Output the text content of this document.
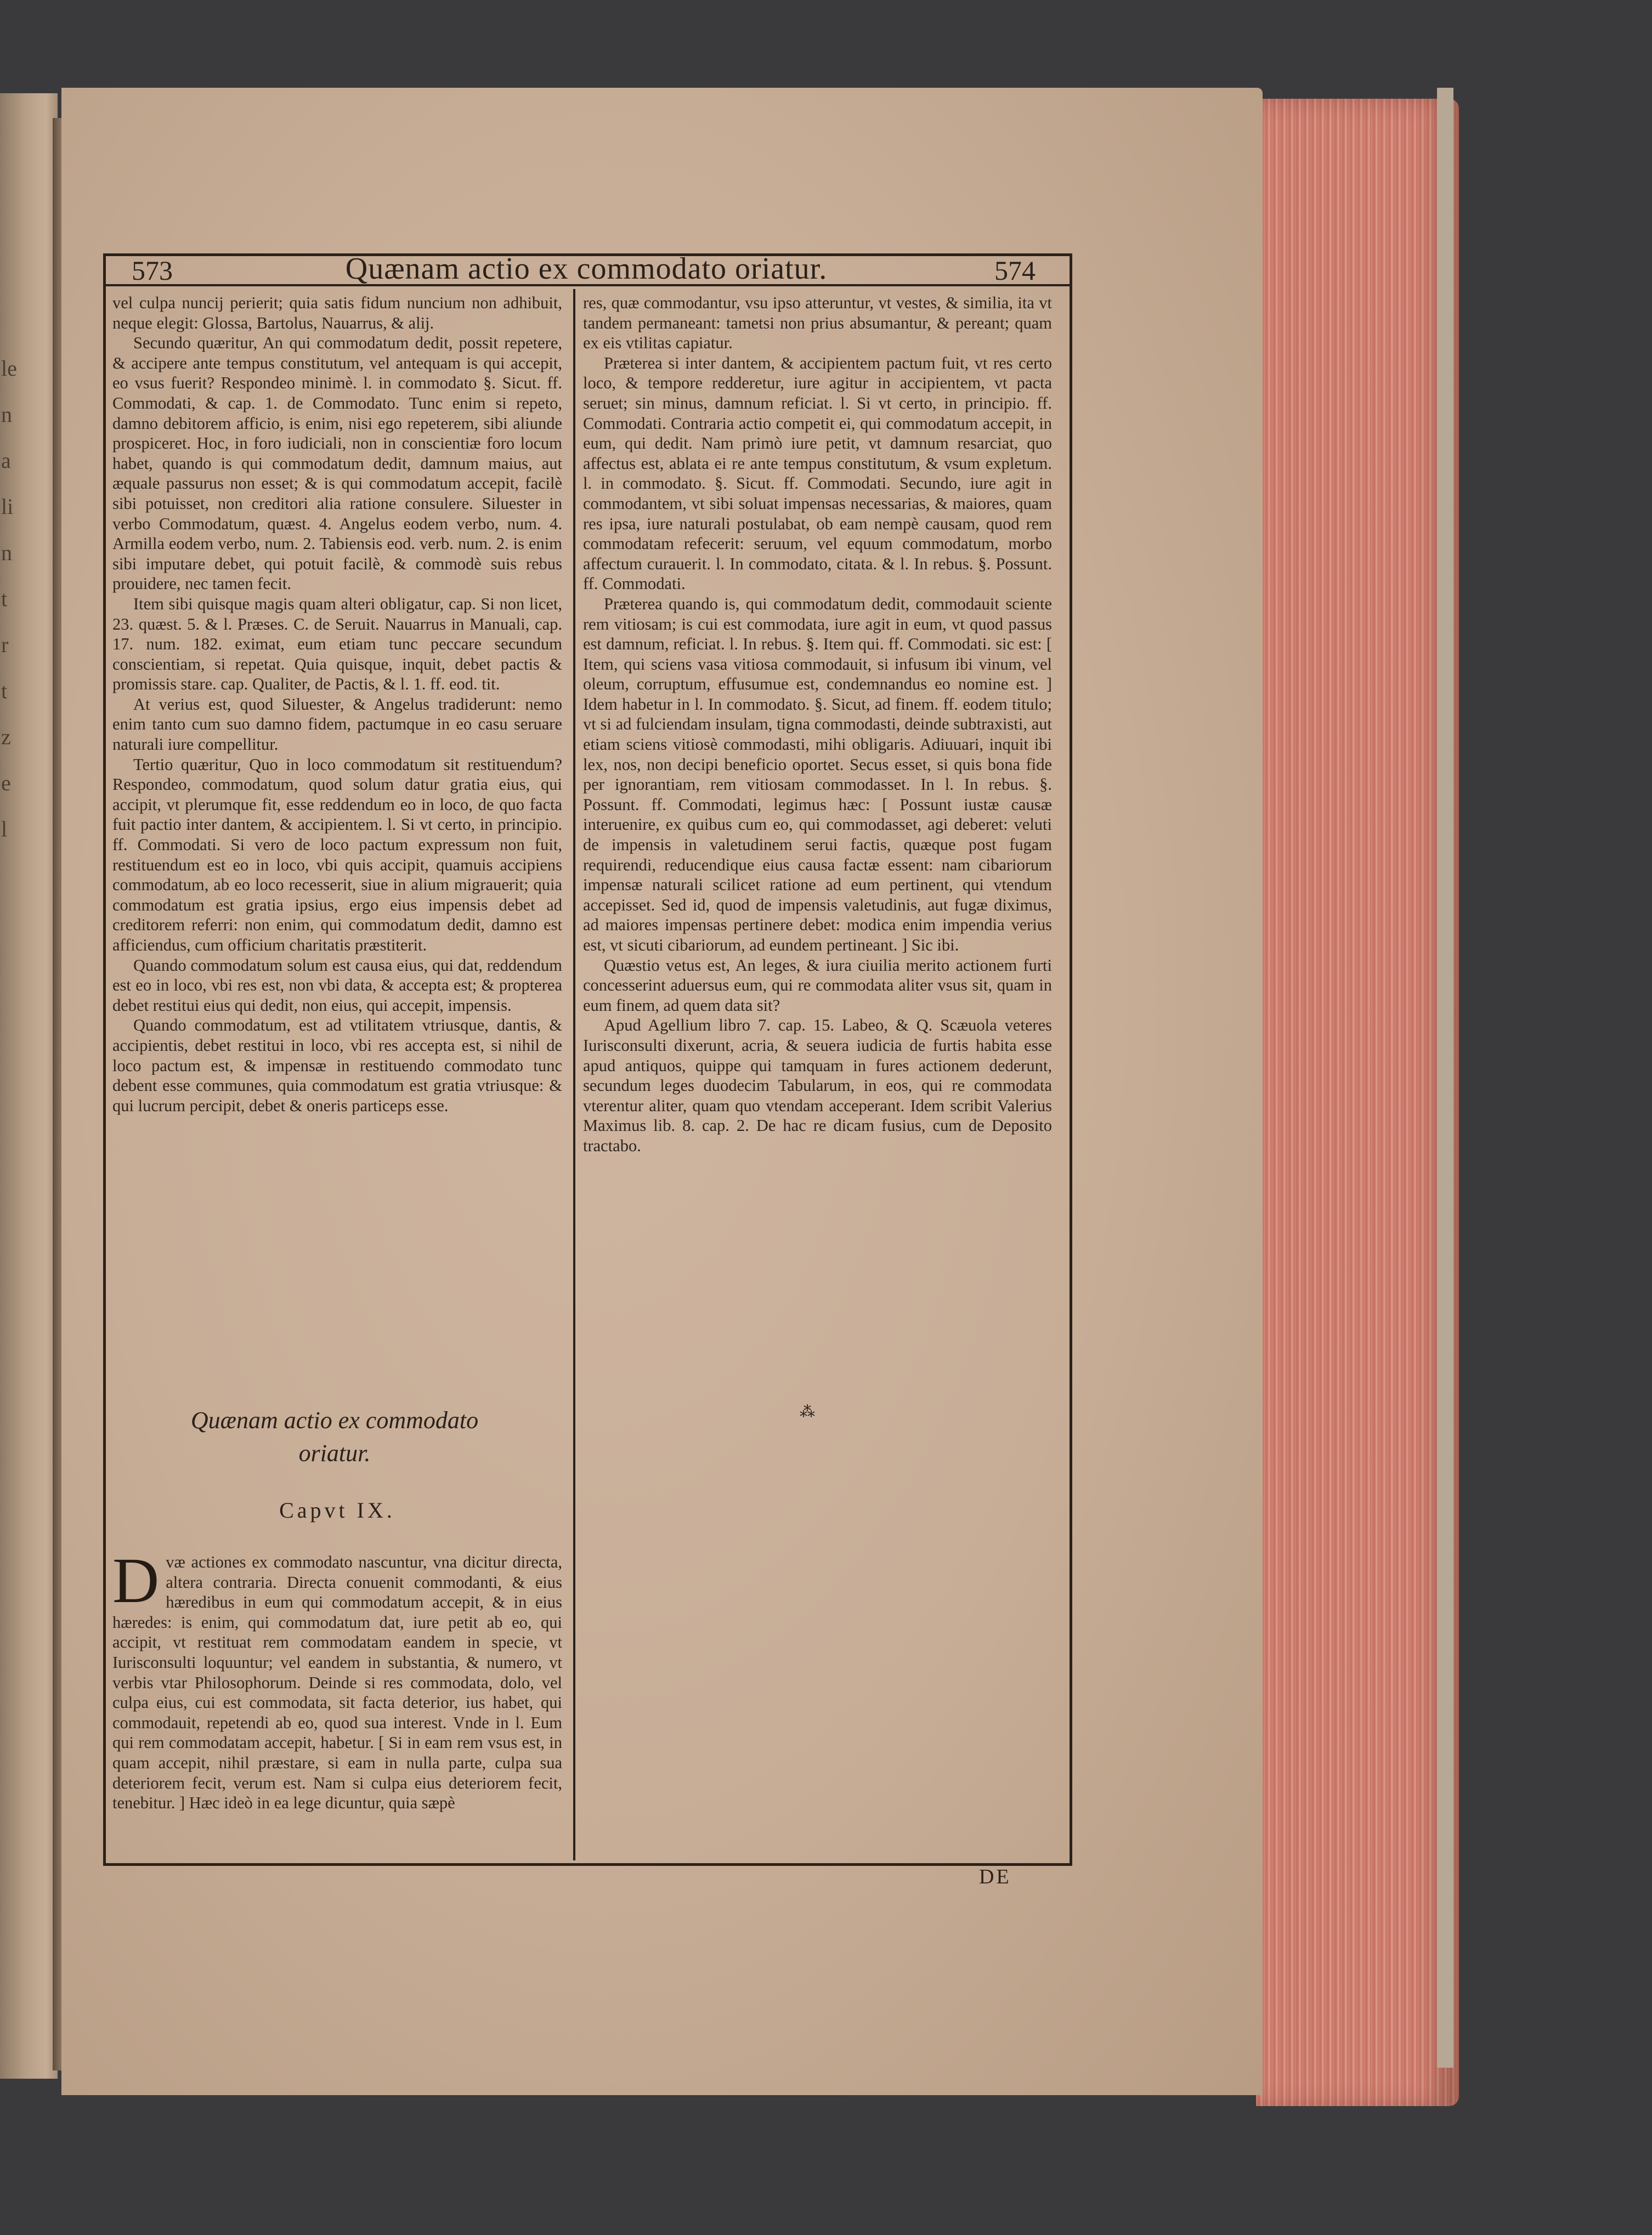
le
n
a
li
n
t
r
t
z
e
l
573	Quænam actio ex commodato oriatur.	574

vel culpa nuncij perierit; quia satis fidum nuncium non adhibuit, neque elegit: Glossa, Bartolus, Nauarrus, & alij.

Secundo quæritur, An qui commodatum dedit, possit repetere, & accipere ante tempus constitutum, vel antequam is qui accepit, eo vsus fuerit? Respondeo minimè. l. in commodato §. Sicut. ff. Commodati, & cap. 1. de Commodato. Tunc enim si repeto, damno debitorem afficio, is enim, nisi ego repeterem, sibi aliunde prospiceret. Hoc, in foro iudiciali, non in conscientiæ foro locum habet, quando is qui commodatum dedit, damnum maius, aut æquale passurus non esset; & is qui commodatum accepit, facilè sibi potuisset, non creditori alia ratione consulere. Siluester in verbo Commodatum, quæst. 4. Angelus eodem verbo, num. 4. Armilla eodem verbo, num. 2. Tabiensis eod. verb. num. 2. is enim sibi imputare debet, qui potuit facilè, & commodè suis rebus prouidere, nec tamen fecit.

Item sibi quisque magis quam alteri obligatur, cap. Si non licet, 23. quæst. 5. & l. Præses. C. de Seruit. Nauarrus in Manuali, cap. 17. num. 182. eximat, eum etiam tunc peccare secundum conscientiam, si repetat. Quia quisque, inquit, debet pactis & promissis stare. cap. Qualiter, de Pactis, & l. 1. ff. eod. tit.

At verius est, quod Siluester, & Angelus tradiderunt: nemo enim tanto cum suo damno fidem, pactumque in eo casu seruare naturali iure compellitur.

Tertio quæritur, Quo in loco commodatum sit restituendum? Respondeo, commodatum, quod solum datur gratia eius, qui accipit, vt plerumque fit, esse reddendum eo in loco, de quo facta fuit pactio inter dantem, & accipientem. l. Si vt certo, in principio. ff. Commodati. Si vero de loco pactum expressum non fuit, restituendum est eo in loco, vbi quis accipit, quamuis accipiens commodatum, ab eo loco recesserit, siue in alium migrauerit; quia commodatum est gratia ipsius, ergo eius impensis debet ad creditorem referri: non enim, qui commodatum dedit, damno est afficiendus, cum officium charitatis præstiterit.

Quando commodatum solum est causa eius, qui dat, reddendum est eo in loco, vbi res est, non vbi data, & accepta est; & propterea debet restitui eius qui dedit, non eius, qui accepit, impensis.

Quando commodatum, est ad vtilitatem vtriusque, dantis, & accipientis, debet restitui in loco, vbi res accepta est, si nihil de loco pactum est, & impensæ in restituendo commodato tunc debent esse communes, quia commodatum est gratia vtriusque: & qui lucrum percipit, debet & oneris particeps esse.

Quænam actio ex commodato oriatur.
Capvt IX.
D væ actiones ex commodato nascuntur, vna dicitur directa, altera contraria. Directa conuenit commodanti, & eius hæredibus in eum qui commodatum accepit, & in eius hæredes: is enim, qui commodatum dat, iure petit ab eo, qui accipit, vt restituat rem commodatam eandem in specie, vt Iurisconsulti loquuntur; vel eandem in substantia, & numero, vt verbis vtar Philosophorum. Deinde si res commodata, dolo, vel culpa eius, cui est commodata, sit facta deterior, ius habet, qui commodauit, repetendi ab eo, quod sua interest. Vnde in l. Eum qui rem commodatam accepit, habetur. [ Si in eam rem vsus est, in quam accepit, nihil præstare, si eam in nulla parte, culpa sua deteriorem fecit, verum est. Nam si culpa eius deteriorem fecit, tenebitur. ] Hæc ideò in ea lege dicuntur, quia sæpè

res, quæ commodantur, vsu ipso atteruntur, vt vestes, & similia, ita vt tandem permaneant: tametsi non prius absumantur, & pereant; quam ex eis vtilitas capiatur.

Præterea si inter dantem, & accipientem pactum fuit, vt res certo loco, & tempore redderetur, iure agitur in accipientem, vt pacta seruet; sin minus, damnum reficiat. l. Si vt certo, in principio. ff. Commodati. Contraria actio competit ei, qui commodatum accepit, in eum, qui dedit. Nam primò iure petit, vt damnum resarciat, quo affectus est, ablata ei re ante tempus constitutum, & vsum expletum. l. in commodato. §. Sicut. ff. Commodati. Secundo, iure agit in commodantem, vt sibi soluat impensas necessarias, & maiores, quam res ipsa, iure naturali postulabat, ob eam nempè causam, quod rem commodatam refecerit: seruum, vel equum commodatum, morbo affectum curauerit. l. In commodato, citata. & l. In rebus. §. Possunt. ff. Commodati.

Præterea quando is, qui commodatum dedit, commodauit sciente rem vitiosam; is cui est commodata, iure agit in eum, vt quod passus est damnum, reficiat. l. In rebus. §. Item qui. ff. Commodati. sic est: [ Item, qui sciens vasa vitiosa commodauit, si infusum ibi vinum, vel oleum, corruptum, effusumue est, condemnandus eo nomine est. ] Idem habetur in l. In commodato. §. Sicut, ad finem. ff. eodem titulo; vt si ad fulciendam insulam, tigna commodasti, deinde subtraxisti, aut etiam sciens vitiosè commodasti, mihi obligaris. Adiuuari, inquit ibi lex, nos, non decipi beneficio oportet. Secus esset, si quis bona fide per ignorantiam, rem vitiosam commodasset. In l. In rebus. §. Possunt. ff. Commodati, legimus hæc: [ Possunt iustæ causæ interuenire, ex quibus cum eo, qui commodasset, agi deberet: veluti de impensis in valetudinem serui factis, quæque post fugam requirendi, reducendique eius causa factæ essent: nam cibariorum impensæ naturali scilicet ratione ad eum pertinent, qui vtendum accepisset. Sed id, quod de impensis valetudinis, aut fugæ diximus, ad maiores impensas pertinere debet: modica enim impendia verius est, vt sicuti cibariorum, ad eundem pertineant. ] Sic ibi.

Quæstio vetus est, An leges, & iura ciuilia merito actionem furti concesserint aduersus eum, qui re commodata aliter vsus sit, quam in eum finem, ad quem data sit?

Apud Agellium libro 7. cap. 15. Labeo, & Q. Scæuola veteres Iurisconsulti dixerunt, acria, & seuera iudicia de furtis habita esse apud antiquos, quippe qui tamquam in fures actionem dederunt, secundum leges duodecim Tabularum, in eos, qui re commodata vterentur aliter, quam quo vtendam acceperant. Idem scribit Valerius Maximus lib. 8. cap. 2. De hac re dicam fusius, cum de Deposito tractabo.

⁂
DE
